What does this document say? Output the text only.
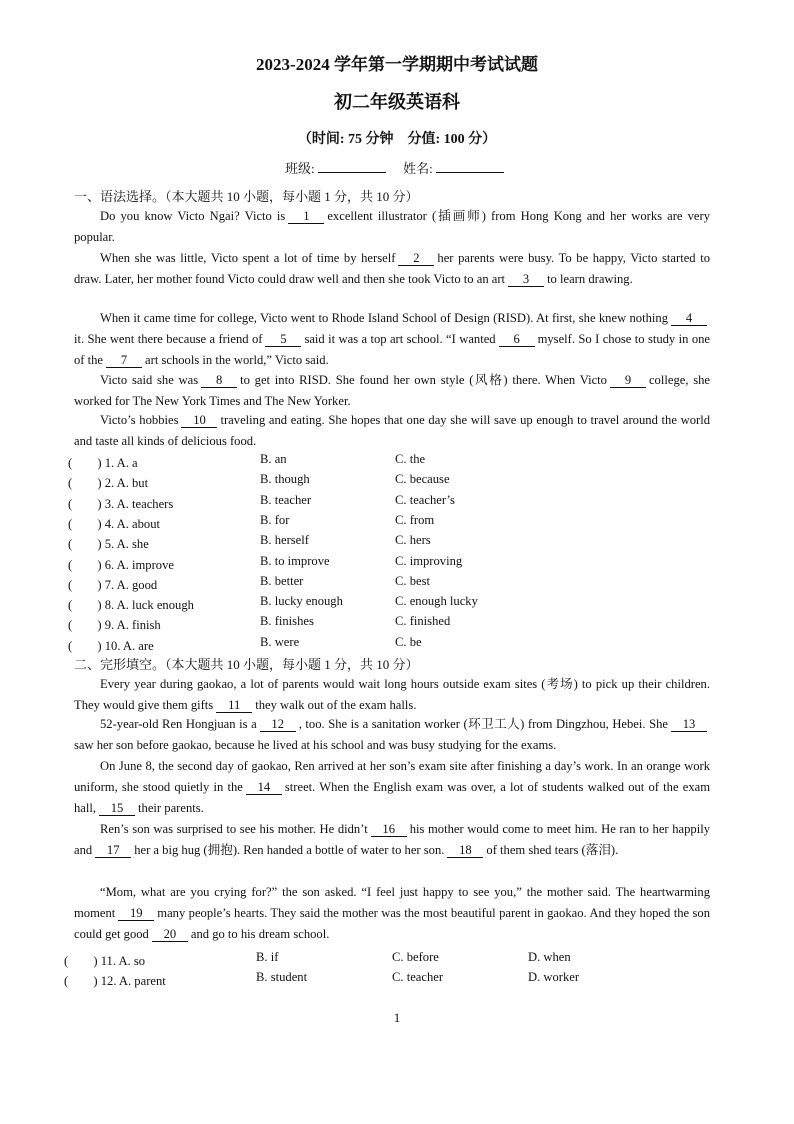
2023-2024 学年第一学期期中考试试题
初二年级英语科
（时间: 75 分钟　分值: 100 分）
班级:	姓名:
一、语法选择。（本大题共 10 小题，每小题 1 分，共 10 分）
Do you know Victo Ngai? Victo is 1 excellent illustrator (插画师) from Hong Kong and her works are very popular.
When she was little, Victo spent a lot of time by herself 2 her parents were busy. To be happy, Victo started to draw. Later, her mother found Victo could draw well and then she took Victo to an art 3 to learn drawing.
When it came time for college, Victo went to Rhode Island School of Design (RISD). At first, she knew nothing 4it. She went there because a friend of 5 said it was a top art school. “I wanted 6 myself. So I chose to study in one of the 7 art schools in the world,” Victo said.
Victo said she was 8 to get into RISD. She found her own style (风格) there. When Victo 9 college, she worked for The New York Times and The New Yorker.
Victo’s hobbies 10 traveling and eating. She hopes that one day she will save up enough to travel around the world and taste all kinds of delicious food.
(　　) 1. A. a	B. an	C. the
(　　) 2. A. but	B. though	C. because
(　　) 3. A. teachers	B. teacher	C. teacher’s
(　　) 4. A. about	B. for	C. from
(　　) 5. A. she	B. herself	C. hers
(　　) 6. A. improve	B. to improve	C. improving
(　　) 7. A. good	B. better	C. best
(　　) 8. A. luck enough	B. lucky enough	C. enough lucky
(　　) 9. A. finish	B. finishes	C. finished
(　　) 10. A. are	B. were	C. be
二、完形填空。（本大题共 10 小题，每小题 1 分，共 10 分）
Every year during gaokao, a lot of parents would wait long hours outside exam sites (考场) to pick up their children. They would give them gifts 11 they walk out of the exam halls.
52-year-old Ren Hongjuan is a 12 , too. She is a sanitation worker (环卫工人) from Dingzhou, Hebei. She 13saw her son before gaokao, because he lived at his school and was busy studying for the exams.
On June 8, the second day of gaokao, Ren arrived at her son’s exam site after finishing a day’s work. In an orange work uniform, she stood quietly in the 14 street. When the English exam was over, a lot of students walked out of the exam hall, 15 their parents.
Ren’s son was surprised to see his mother. He didn’t 16 his mother would come to meet him. He ran to her happily and 17 her a big hug (拥抱). Ren handed a bottle of water to her son. 18 of them shed tears (落泪).
“Mom, what are you crying for?” the son asked. “I feel just happy to see you,” the mother said. The heartwarming moment 19 many people’s hearts. They said the mother was the most beautiful parent in gaokao. And they hoped the son could get good 20 and go to his dream school.
(　　) 11. A. so	B. if	C. before	D. when
(　　) 12. A. parent	B. student	C. teacher	D. worker
1
